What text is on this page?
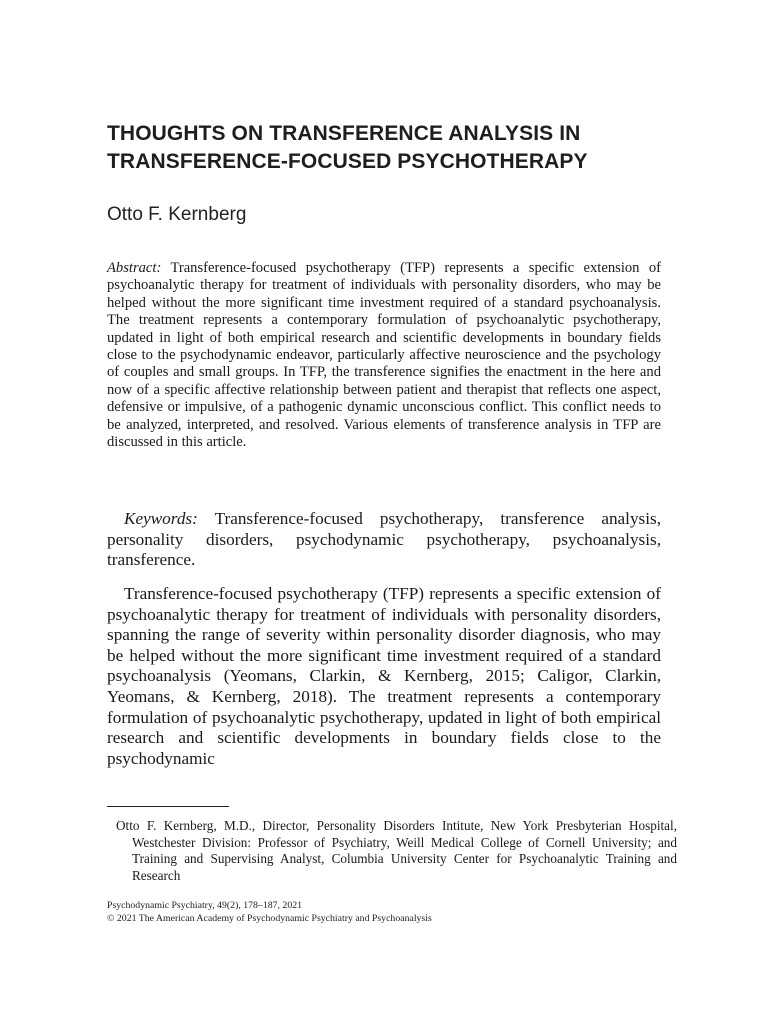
THOUGHTS ON TRANSFERENCE ANALYSIS IN
TRANSFERENCE-FOCUSED PSYCHOTHERAPY
Otto F. Kernberg

Abstract: Transference-focused psychotherapy (TFP) represents a specific extension of psychoanalytic therapy for treatment of individuals with personality disorders, who may be helped without the more significant time investment required of a standard psychoanalysis. The treatment represents a contemporary formulation of psychoanalytic psychotherapy, updated in light of both empirical research and scientific developments in boundary fields close to the psychodynamic endeavor, particularly affective neuroscience and the psychology of couples and small groups. In TFP, the transference signifies the enactment in the here and now of a specific affective relationship between patient and therapist that reflects one aspect, defensive or impulsive, of a pathogenic dynamic unconscious conflict. This conflict needs to be analyzed, interpreted, and resolved. Various elements of transference analysis in TFP are discussed in this article.

Keywords: Transference-focused psychotherapy, transference analysis, personality disorders, psychodynamic psychotherapy, psychoanalysis, transference.

Transference-focused psychotherapy (TFP) represents a specific extension of psychoanalytic therapy for treatment of individuals with personality disorders, spanning the range of severity within personality disorder diagnosis, who may be helped without the more significant time investment required of a standard psychoanalysis (Yeomans, Clarkin, & Kernberg, 2015; Caligor, Clarkin, Yeomans, & Kernberg, 2018). The treatment represents a contemporary formulation of psychoanalytic psychotherapy, updated in light of both empirical research and scientific developments in boundary fields close to the psychodynamic

Otto F. Kernberg, M.D., Director, Personality Disorders Intitute, New York Presbyterian Hospital, Westchester Division: Professor of Psychiatry, Weill Medical College of Cornell University; and Training and Supervising Analyst, Columbia University Center for Psychoanalytic Training and Research

Psychodynamic Psychiatry, 49(2), 178–187, 2021
© 2021 The American Academy of Psychodynamic Psychiatry and Psychoanalysis
